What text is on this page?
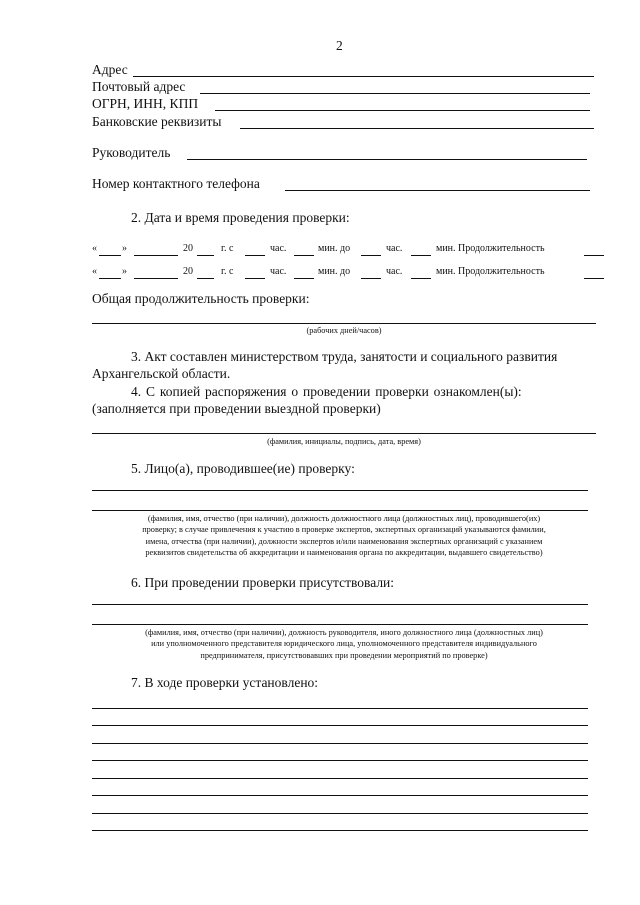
2
Адрес
Почтовый адрес
ОГРН, ИНН, КПП
Банковские реквизиты
Руководитель
Номер контактного телефона
2. Дата и время проведения проверки:
«	»	20	г. с	час.	мин. до	час.	мин. Продолжительность
«	»	20	г. с	час.	мин. до	час.	мин. Продолжительность
Общая продолжительность проверки:
(рабочих дней/часов)
3. Акт составлен министерством труда, занятости и социального развития
Архангельской области.
4. С копией распоряжения о проведении проверки ознакомлен(ы):
(заполняется при проведении выездной проверки)
(фамилия, инициалы, подпись, дата, время)
5. Лицо(а), проводившее(ие) проверку:
(фамилия, имя, отчество (при наличии), должность должностного лица (должностных лиц), проводившего(их)
проверку; в случае привлечения к участию в проверке экспертов, экспертных организаций указываются фамилии,
имена, отчества (при наличии), должности экспертов и/или наименования экспертных организаций с указанием
реквизитов свидетельства об аккредитации и наименования органа по аккредитации, выдавшего свидетельство)
6. При проведении проверки присутствовали:
(фамилия, имя, отчество (при наличии), должность руководителя, иного должностного лица (должностных лиц)
или уполномоченного представителя юридического лица, уполномоченного представителя индивидуального
предпринимателя, присутствовавших при проведении мероприятий по проверке)
7. В ходе проверки установлено:
